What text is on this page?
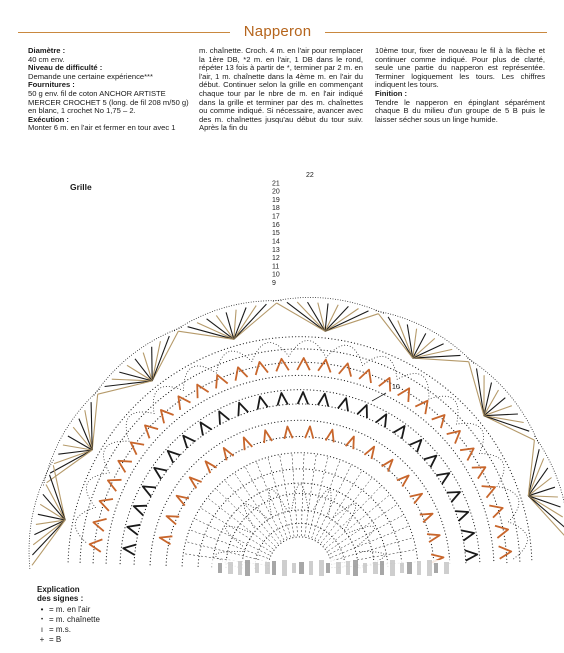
Napperon
Diamètre :

40 cm env.

Niveau de difficulté :

Demande une certaine expérience***

Fournitures :

50 g env. fil de coton ANCHOR ARTISTE MERCER CROCHET 5 (long. de fil 208 m/50 g) en blanc, 1 crochet No 1,75 – 2.

Exécution :

Monter 6 m. en l'air et fermer en tour avec 1

m. chaînette. Croch. 4 m. en l'air pour remplacer la 1ère DB, *2 m. en l'air, 1 DB dans le rond, répéter 13 fois à partir de *, terminer par 2 m. en l'air, 1 m. chaînette dans la 4ème m. en l'air du début. Continuer selon la grille en commençant chaque tour par le nbre de m. en l'air indiqué dans la grille et terminer par des m. chaînettes ou comme indiqué. Si nécessaire, avancer avec des m. chaînettes jusqu'au début du tour suiv. Après la fin du

10ème tour, fixer de nouveau le fil à la flèche et continuer comme indiqué. Pour plus de clarté, seule une partie du napperon est représentée. Terminer logiquement les tours. Les chiffres indiquent les tours.

Finition :

Tendre le napperon en épinglant séparément chaque B du milieu d'un groupe de 5 B puis le laisser sécher sous un linge humide.

Grille
22
21
20
19
18
17
16
15
14
13
12
11
10
9
10
Explication
des signes :
• = m. en l'air
• = m. chaînette
ı = m.s.
+ = B
